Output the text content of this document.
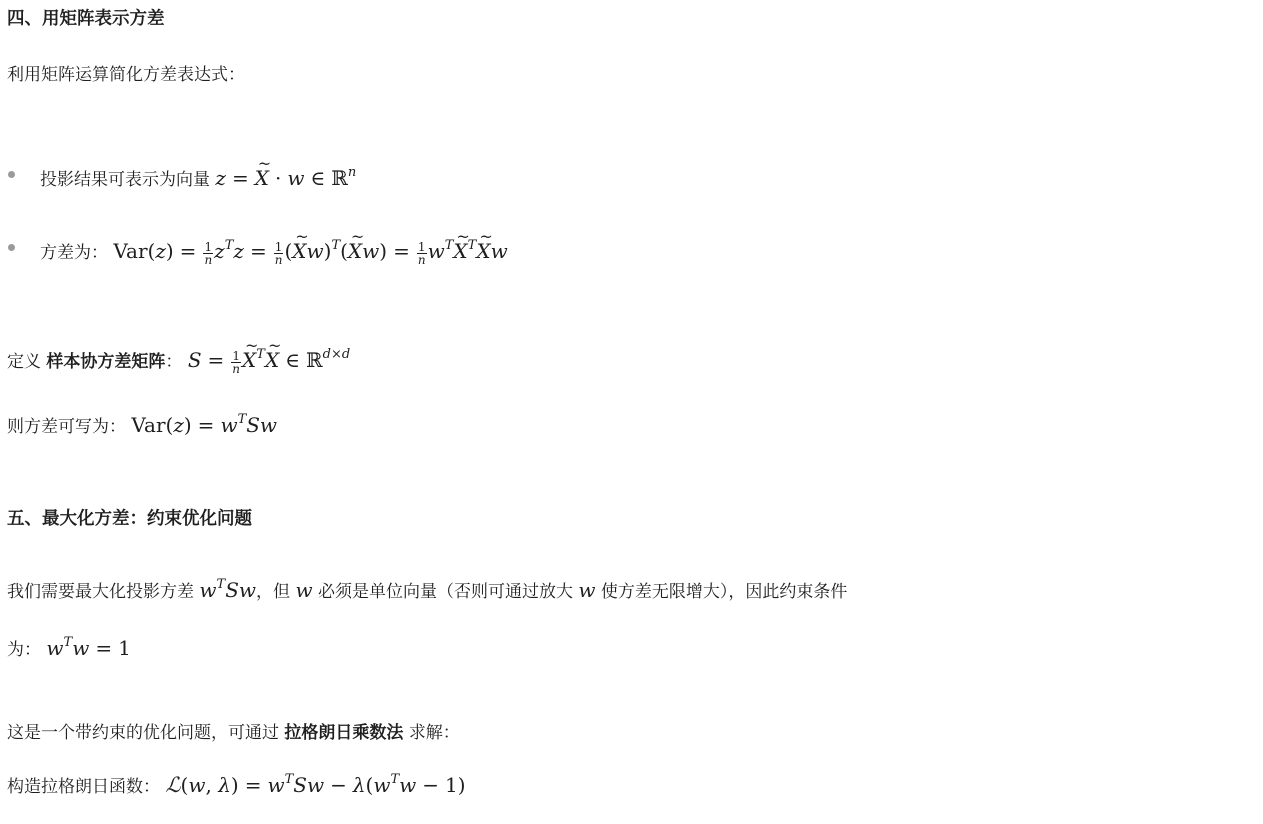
四、用矩阵表示方差
利用矩阵运算简化方差表达式：
投影结果可表示为向量 z = ~ X · w ∈ ℝ$^n$
方差为： $Var(z) = \frac{1}{n} z^Tz = \frac{1}{n}$ (~ Xw)$^T$(~ $Xw) = \frac{1}{n}$ $w^T\sim$ $X^T\sim$ Xw
定义 样本协方差矩阵： $S = \frac{1}{n}$ ~ $X^T\sim$ X ∈ ℝ$^{d\times d}$
则方差可写为： $Var(z) = w^TSw$
五、最大化方差：约束优化问题
我们需要最大化投影方差 $w^TSw$，但 w 必须是单位向量（否则可通过放大 w 使方差无限增大），因此约束条件
为： $w^Tw = 1$
这是一个带约束的优化问题，可通过 拉格朗日乘数法 求解：
构造拉格朗日函数： ℒ(w, $\lambda) = w^TSw - \lambda(w^Tw - 1)$
